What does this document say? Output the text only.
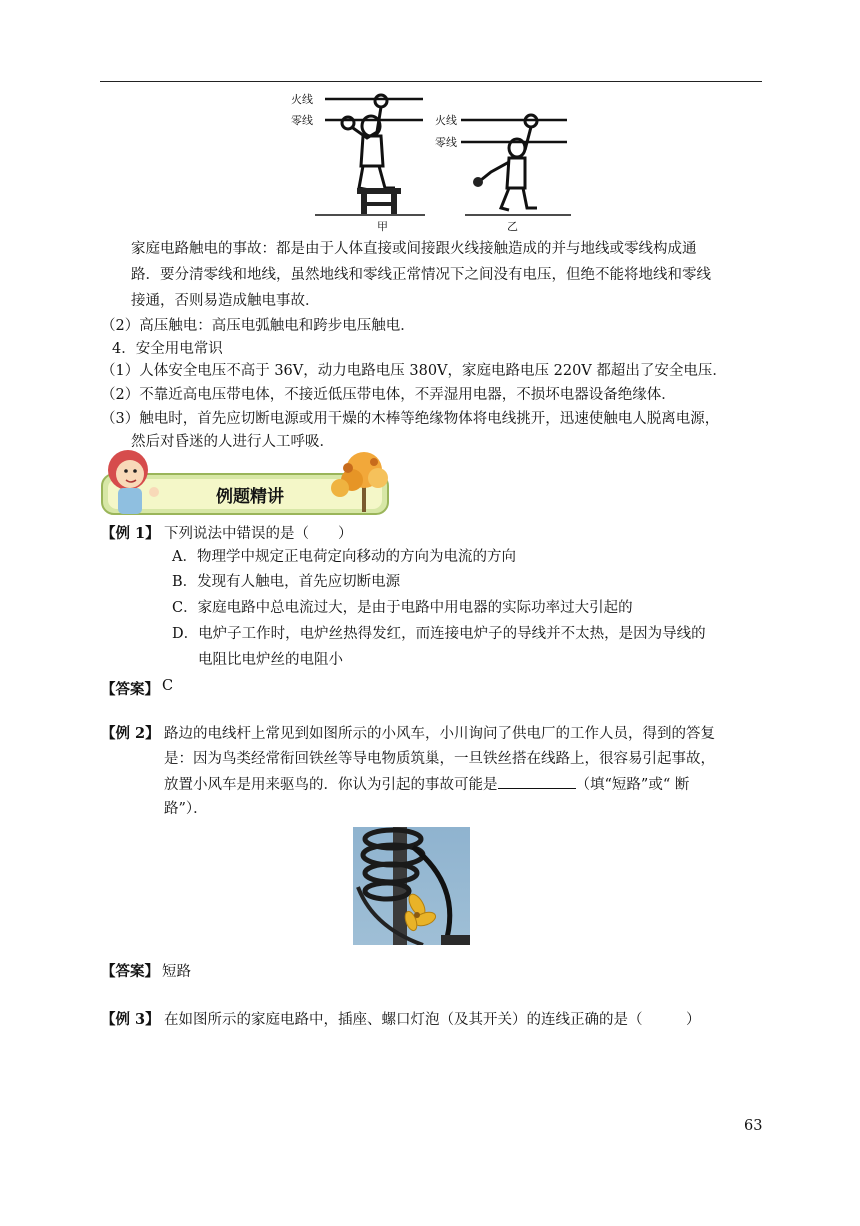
火线
零线
甲
火线
零线
乙
家庭电路触电的事故：都是由于人体直接或间接跟火线接触造成的并与地线或零线构成通
路．要分清零线和地线，虽然地线和零线正常情况下之间没有电压，但绝不能将地线和零线
接通，否则易造成触电事故．
（2）高压触电：高压电弧触电和跨步电压触电．
4．安全用电常识
（1）人体安全电压不高于 36V，动力电路电压 380V，家庭电路电压 220V 都超出了安全电压．
（2）不靠近高电压带电体，不接近低压带电体，不弄湿用电器，不损坏电器设备绝缘体．
（3）触电时，首先应切断电源或用干燥的木棒等绝缘物体将电线挑开，迅速使触电人脱离电源，
然后对昏迷的人进行人工呼吸．
例题精讲
【例 1】 下列说法中错误的是（　　）
A．物理学中规定正电荷定向移动的方向为电流的方向
B．发现有人触电，首先应切断电源
C．家庭电路中总电流过大，是由于电路中用电器的实际功率过大引起的
D．电炉子工作时，电炉丝热得发红，而连接电炉子的导线并不太热，是因为导线的
电阻比电炉丝的电阻小
【答案】 C
【例 2】 路边的电线杆上常见到如图所示的小风车，小川询问了供电厂的工作人员，得到的答复
是：因为鸟类经常衔回铁丝等导电物质筑巢，一旦铁丝搭在线路上，很容易引起事故，
放置小风车是用来驱鸟的．你认为引起的事故可能是	（填“短路”或“ 断
路”）．
【答案】 短路
【例 3】 在如图所示的家庭电路中，插座、螺口灯泡（及其开关）的连线正确的是（　　　）
63
